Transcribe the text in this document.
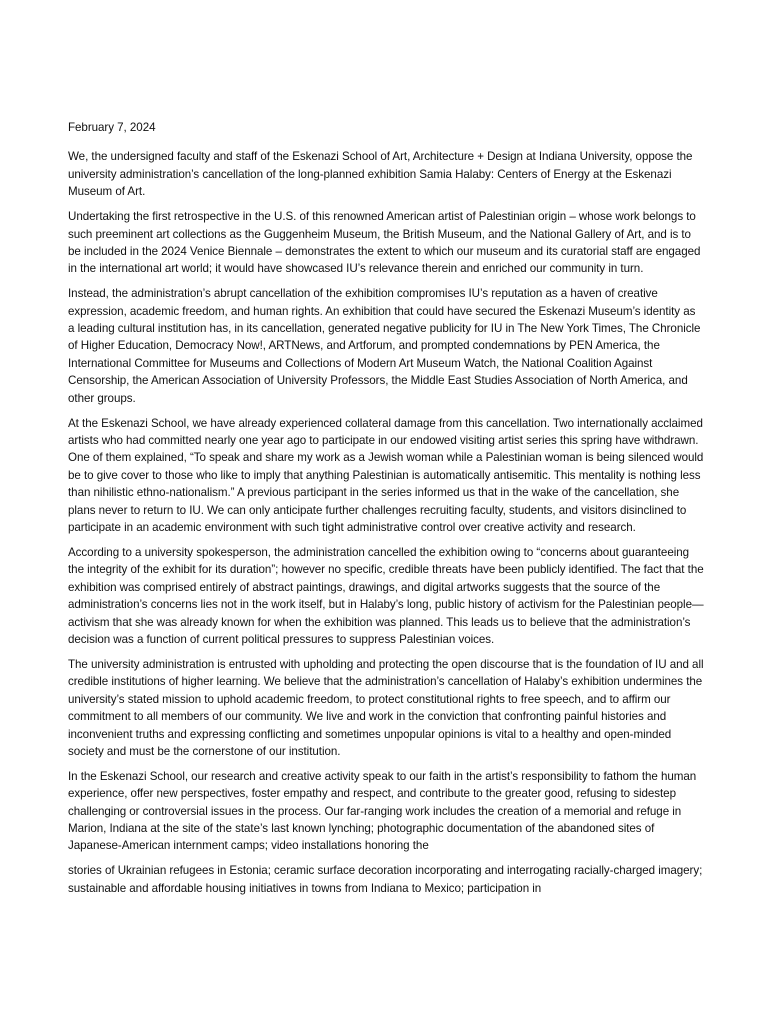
February 7, 2024

We, the undersigned faculty and staff of the Eskenazi School of Art, Architecture + Design at Indiana University, oppose the university administration’s cancellation of the long-planned exhibition Samia Halaby: Centers of Energy at the Eskenazi Museum of Art.

Undertaking the first retrospective in the U.S. of this renowned American artist of Palestinian origin – whose work belongs to such preeminent art collections as the Guggenheim Museum, the British Museum, and the National Gallery of Art, and is to be included in the 2024 Venice Biennale – demonstrates the extent to which our museum and its curatorial staff are engaged in the international art world; it would have showcased IU’s relevance therein and enriched our community in turn.

Instead, the administration’s abrupt cancellation of the exhibition compromises IU’s reputation as a haven of creative expression, academic freedom, and human rights. An exhibition that could have secured the Eskenazi Museum’s identity as a leading cultural institution has, in its cancellation, generated negative publicity for IU in The New York Times, The Chronicle of Higher Education, Democracy Now!, ARTNews, and Artforum, and prompted condemnations by PEN America, the International Committee for Museums and Collections of Modern Art Museum Watch, the National Coalition Against Censorship, the American Association of University Professors, the Middle East Studies Association of North America, and other groups.

At the Eskenazi School, we have already experienced collateral damage from this cancellation. Two internationally acclaimed artists who had committed nearly one year ago to participate in our endowed visiting artist series this spring have withdrawn. One of them explained, “To speak and share my work as a Jewish woman while a Palestinian woman is being silenced would be to give cover to those who like to imply that anything Palestinian is automatically antisemitic. This mentality is nothing less than nihilistic ethno-nationalism.” A previous participant in the series informed us that in the wake of the cancellation, she plans never to return to IU. We can only anticipate further challenges recruiting faculty, students, and visitors disinclined to participate in an academic environment with such tight administrative control over creative activity and research.

According to a university spokesperson, the administration cancelled the exhibition owing to “concerns about guaranteeing the integrity of the exhibit for its duration”; however no specific, credible threats have been publicly identified. The fact that the exhibition was comprised entirely of abstract paintings, drawings, and digital artworks suggests that the source of the administration’s concerns lies not in the work itself, but in Halaby’s long, public history of activism for the Palestinian people—activism that she was already known for when the exhibition was planned. This leads us to believe that the administration’s decision was a function of current political pressures to suppress Palestinian voices.

The university administration is entrusted with upholding and protecting the open discourse that is the foundation of IU and all credible institutions of higher learning. We believe that the administration’s cancellation of Halaby’s exhibition undermines the university’s stated mission to uphold academic freedom, to protect constitutional rights to free speech, and to affirm our commitment to all members of our community. We live and work in the conviction that confronting painful histories and inconvenient truths and expressing conflicting and sometimes unpopular opinions is vital to a healthy and open-minded society and must be the cornerstone of our institution.

In the Eskenazi School, our research and creative activity speak to our faith in the artist’s responsibility to fathom the human experience, offer new perspectives, foster empathy and respect, and contribute to the greater good, refusing to sidestep challenging or controversial issues in the process. Our far-ranging work includes the creation of a memorial and refuge in Marion, Indiana at the site of the state’s last known lynching; photographic documentation of the abandoned sites of Japanese-American internment camps; video installations honoring the

stories of Ukrainian refugees in Estonia; ceramic surface decoration incorporating and interrogating racially-charged imagery; sustainable and affordable housing initiatives in towns from Indiana to Mexico; participation in
